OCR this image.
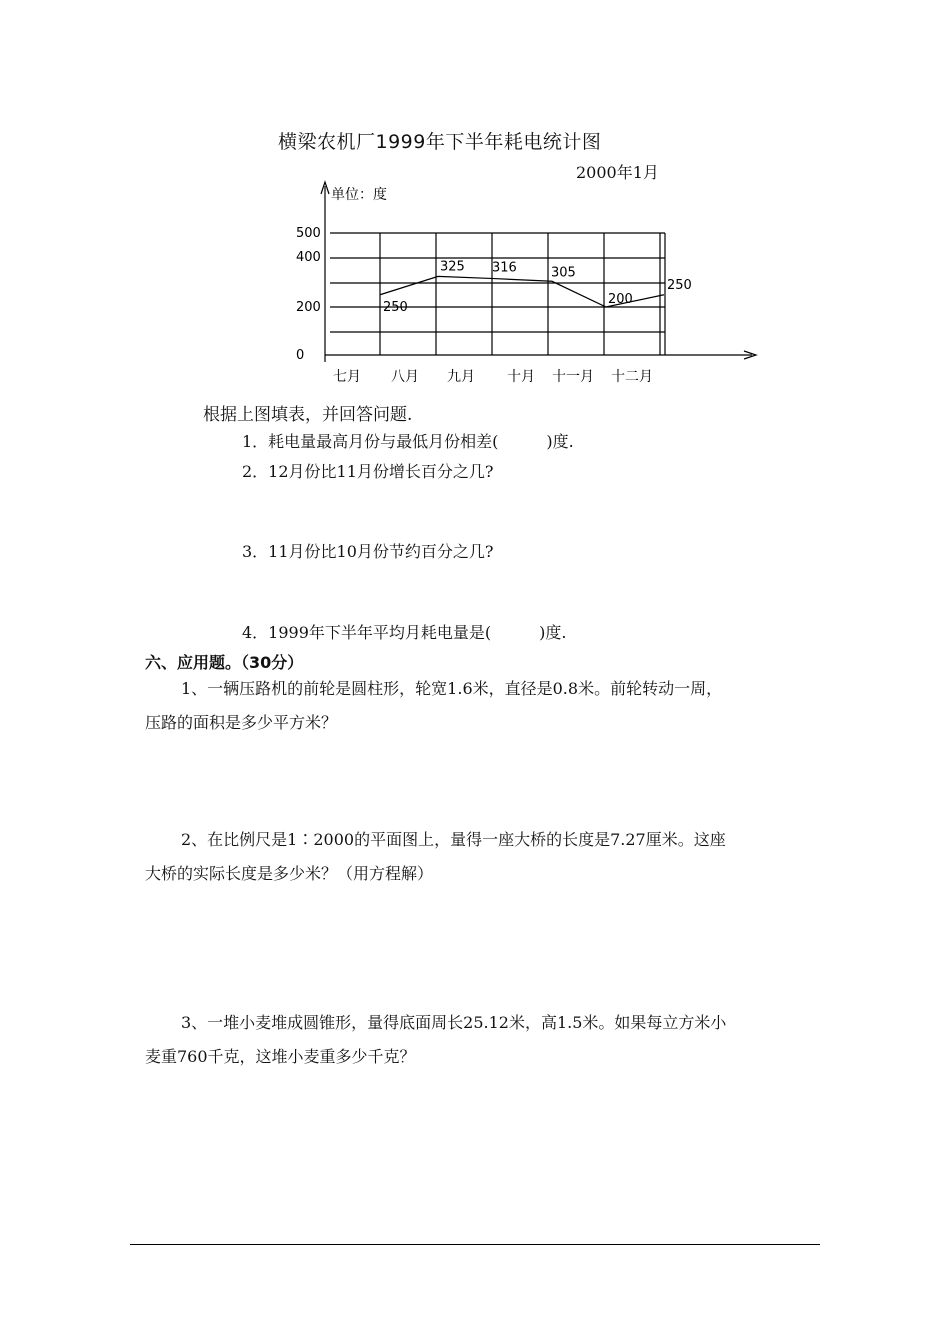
横梁农机厂1999年下半年耗电统计图
2000年1月
单位：度
0
200
400
500
七月 八月 九月 十月 十一月 十二月
250
325 316	305
200
250
根据上图填表，并回答问题.
1．耗电量最高月份与最低月份相差(　　　)度.
2．12月份比11月份增长百分之几?
3．11月份比10月份节约百分之几?
4．1999年下半年平均月耗电量是(　　　)度.
六、应用题。（30分）
1、一辆压路机的前轮是圆柱形，轮宽1.6米，直径是0.8米。前轮转动一周，
压路的面积是多少平方米？
2、在比例尺是1∶2000的平面图上，量得一座大桥的长度是7.27厘米。这座
大桥的实际长度是多少米？（用方程解）
3、一堆小麦堆成圆锥形，量得底面周长25.12米，高1.5米。如果每立方米小
麦重760千克，这堆小麦重多少千克？
